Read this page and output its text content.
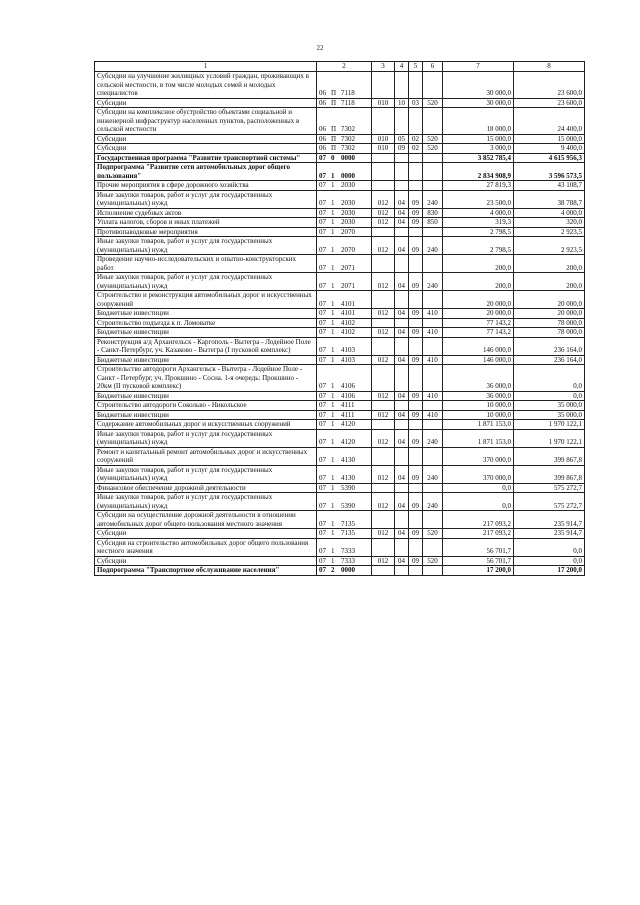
22
1	2	3	4	5	6	7	8
Субсидии на улучшение жилищных условий граждан, проживающих в сельской местности, в том числе молодых семей и молодых специалистов	06 П 7118					30 000,0	23 600,0
Субсидии	06 П 7118	010	10	03	520	30 000,0	23 600,0
Субсидии на комплексное обустройство объектами социальной и инженерной инфраструктур населенных пунктов, расположенных в сельской местности	06 П 7302					18 000,0	24 400,0
Субсидии	06 П 7302	010	05	02	520	15 000,0	15 000,0
Субсидии	06 П 7302	010	09	02	520	3 000,0	9 400,0
Государственная программа "Развитие транспортной системы"	07 0 0000					3 852 785,4	4 615 956,3
Подпрограмма "Развитие сети автомобильных дорог общего пользования"	07 1 0000					2 834 908,9	3 596 573,5
Прочие мероприятия в сфере дорожного хозяйства	07 1 2030					27 819,3	43 108,7
Иные закупки товаров, работ и услуг для государственных (муниципальных) нужд	07 1 2030	012	04	09	240	23 500,0	38 788,7
Исполнение судебных актов	07 1 2030	012	04	09	830	4 000,0	4 000,0
Уплата налогов, сборов и иных платежей	07 1 2030	012	04	09	850	319,3	320,0
Противопаводковые мероприятия	07 1 2070					2 798,5	2 923,5
Иные закупки товаров, работ и услуг для государственных (муниципальных) нужд	07 1 2070	012	04	09	240	2 798,5	2 923,5
Проведение научно-исследовательских и опытно-конструкторских работ	07 1 2071					200,0	200,0
Иные закупки товаров, работ и услуг для государственных (муниципальных) нужд	07 1 2071	012	04	09	240	200,0	200,0
Строительство и реконструкция автомобильных дорог и искусственных сооружений	07 1 4101					20 000,0	20 000,0
Бюджетные инвестиции	07 1 4101	012	04	09	410	20 000,0	20 000,0
Строительство подъезда к п. Ломоватке	07 1 4102					77 143,2	78 000,0
Бюджетные инвестиции	07 1 4102	012	04	09	410	77 143,2	78 000,0
Реконструкция а/д Архангельск - Каргополь - Вытегра - Лодейное Поле - Санкт-Петербург, уч. Казаково - Вытегра (I пусковой комплекс)	07 1 4103					146 000,0	236 164,0
Бюджетные инвестиции	07 1 4103	012	04	09	410	146 000,0	236 164,0
Строительство автодороги Архангельск - Вытегра - Лодейное Поле - Санкт - Петербург, уч. Прокшино - Сосна. 1-я очередь: Прокшино - 20км (II пусковой комплекс)	07 1 4106					36 000,0	0,0
Бюджетные инвестиции	07 1 4106	012	04	09	410	36 000,0	0,0
Строительство автодороги Сокольво - Никольское	07 1 4111					10 000,0	35 000,0
Бюджетные инвестиции	07 1 4111	012	04	09	410	10 000,0	35 000,0
Содержание автомобильных дорог и искусственных сооружений	07 1 4120					1 871 153,0	1 970 122,1
Иные закупки товаров, работ и услуг для государственных (муниципальных) нужд	07 1 4120	012	04	09	240	1 871 153,0	1 970 122,1
Ремонт и капитальный ремонт автомобильных дорог и искусственных сооружений	07 1 4130					370 000,0	399 867,8
Иные закупки товаров, работ и услуг для государственных (муниципальных) нужд	07 1 4130	012	04	09	240	370 000,0	399 867,8
Финансовое обеспечение дорожной деятельности	07 1 5390					0,0	575 272,7
Иные закупки товаров, работ и услуг для государственных (муниципальных) нужд	07 1 5390	012	04	09	240	0,0	575 272,7
Субсидии на осуществление дорожной деятельности в отношении автомобильных дорог общего пользования местного значения	07 1 7135					217 093,2	235 914,7
Субсидии	07 1 7135	012	04	09	520	217 093,2	235 914,7
Субсидия на строительство автомобильных дорог общего пользования местного значения	07 1 7333					56 701,7	0,0
Субсидии	07 1 7333	012	04	09	520	56 701,7	0,0
Подпрограмма "Транспортное обслуживание населения"	07 2 0000					17 200,0	17 200,0
